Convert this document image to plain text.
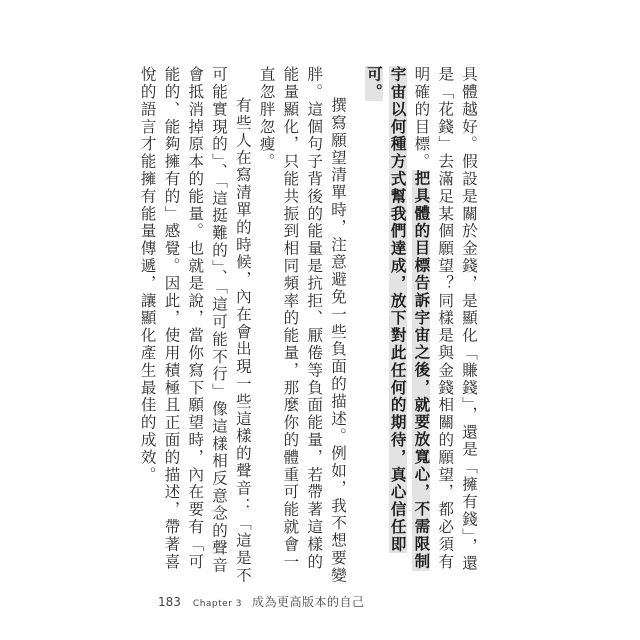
具體越好。假設是關於金錢，是顯化「賺錢」，還是「擁有錢」，還是「花錢」去滿足某個願望？同樣是與金錢相關的願望，都必須有明確的目標。把具體的目標告訴宇宙之後，就要放寬心，不需限制宇宙以何種方式幫我們達成，放下對此任何的期待，真心信任即可。

撰寫願望清單時，注意避免一些負面的描述。例如，我不想要變胖。這個句子背後的能量是抗拒、厭倦等負面能量，若帶著這樣的能量顯化，只能共振到相同頻率的能量，那麼你的體重可能就會一直忽胖忽瘦。

有些人在寫清單的時候，內在會出現一些這樣的聲音：「這是不可能實現的」、「這挺難的」、「這可能不行」像這樣相反意念的聲音會抵消掉原本的能量。也就是說，當你寫下願望時，內在要有「可能的、能夠擁有的」感覺。因此，使用積極且正面的描述，帶著喜悅的語言才能擁有能量傳遞，讓顯化產生最佳的成效。

183 Chapter 3 成為更高版本的自己
